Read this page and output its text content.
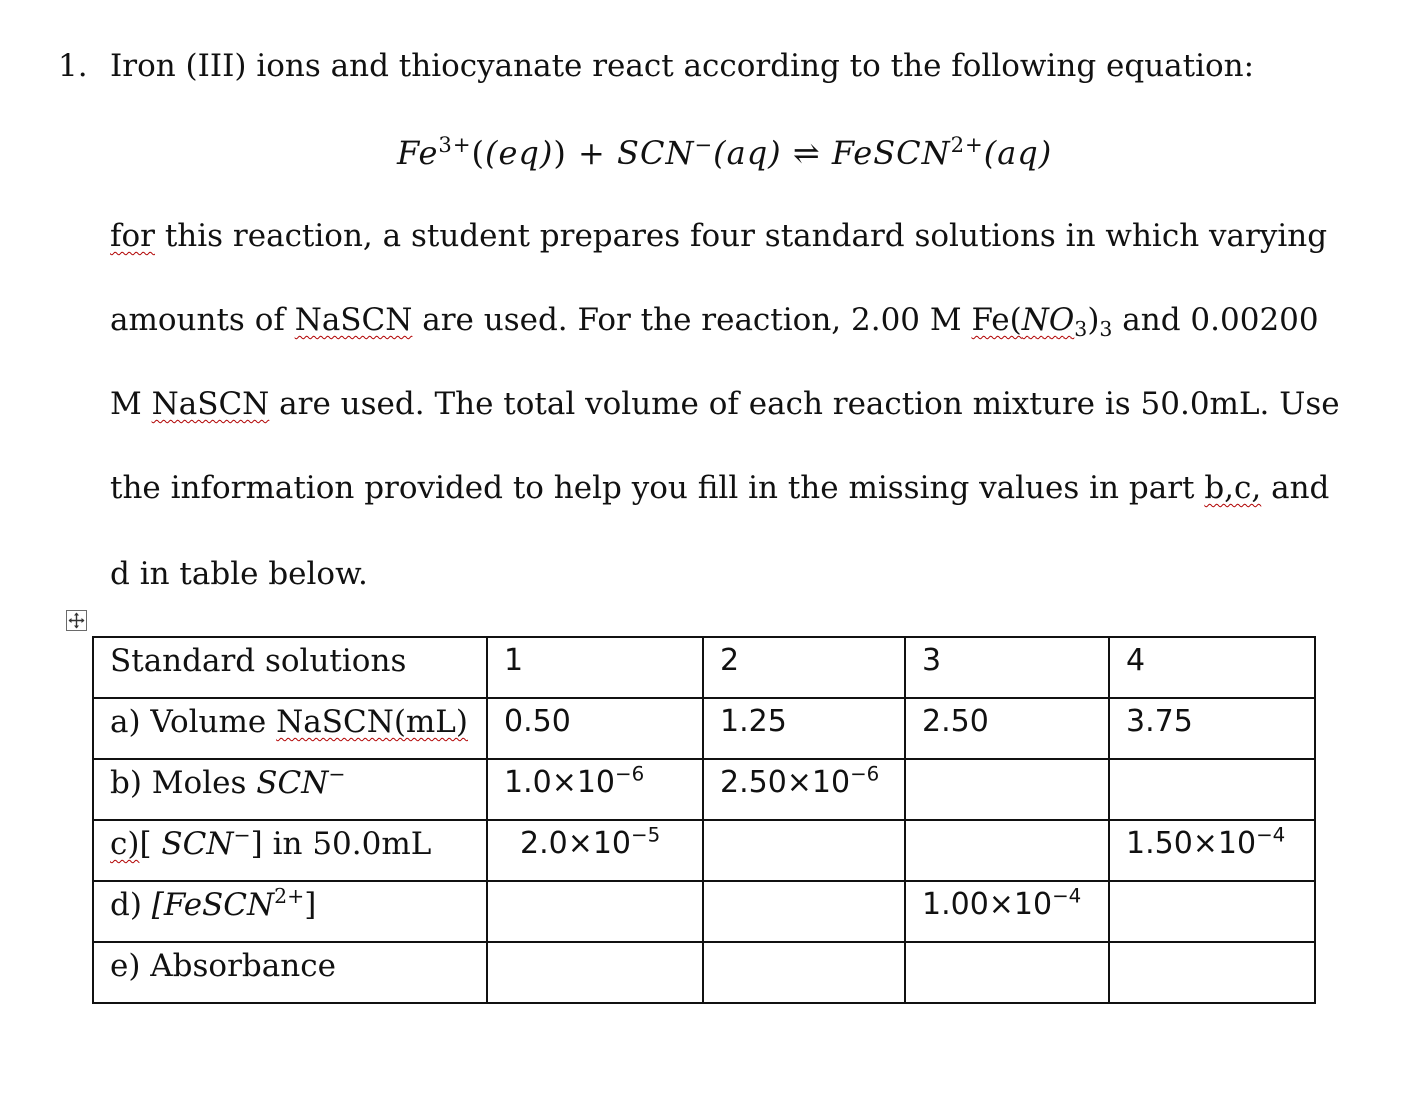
1. Iron (III) ions and thiocyanate react according to the following equation:
$Fe^{3+}((eq)) + SCN^-(aq)$ ⇌ FeSCN$^{2+}$(aq)
for this reaction, a student prepares four standard solutions in which varying
amounts of NaSCN are used. For the reaction, 2.00 M $Fe(NO_3)_3$ and 0.00200
M NaSCN are used. The total volume of each reaction mixture is 50.0mL. Use
the information provided to help you fill in the missing values in part b,c, and
d in table below.
Standard solutions	1	2	3	4

a) Volume NaSCN(mL)	0.50	1.25	2.50	3.75

b) Moles SCN−	$1.0\times 10^{-6}$	$2.50\times 10^{-6}$

c)[ SCN−] in 50.0mL	$2.0\times 10^{-5}$			$1.50\times 10^{-4}$

d) [FeSCN$^{2+}$]			$1.00\times 10^{-4}$

e) Absorbance				
